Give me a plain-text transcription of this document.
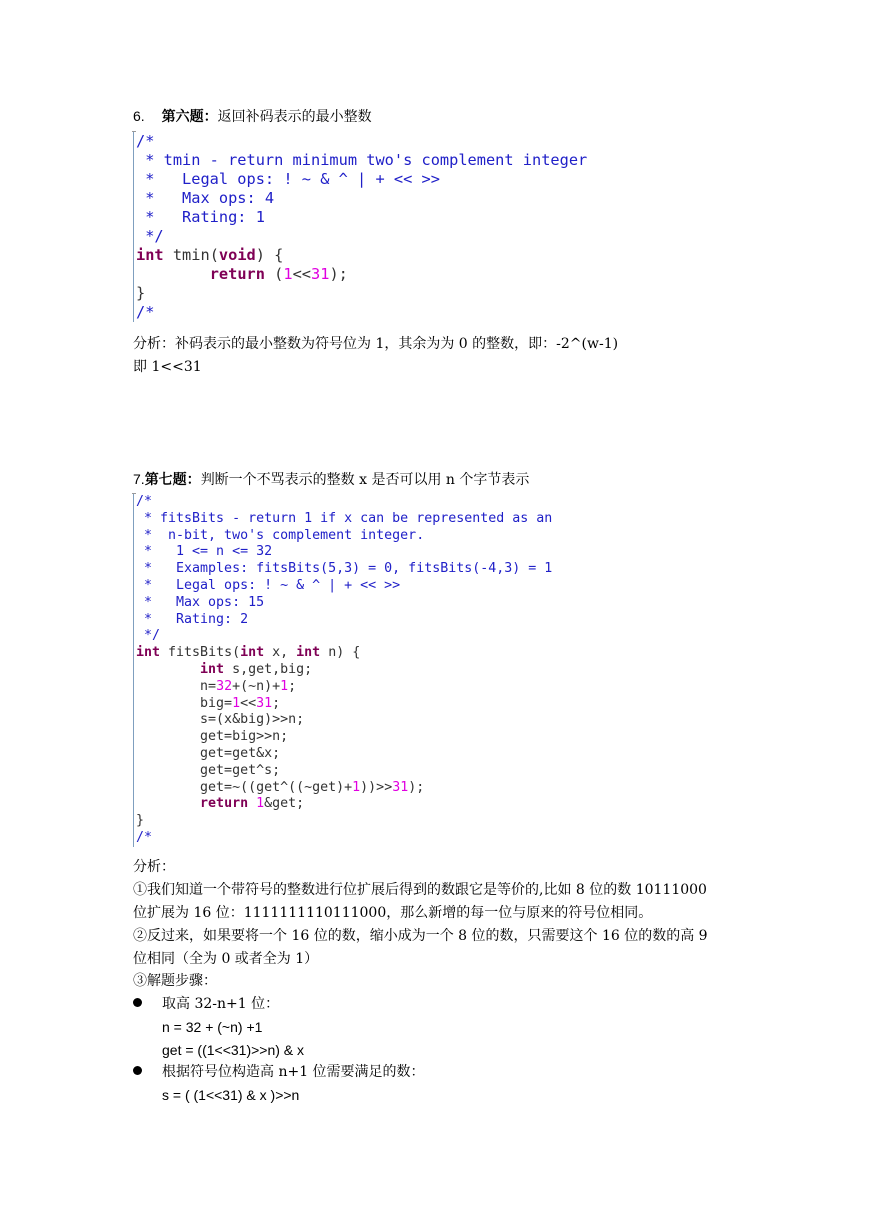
6. 第六题：返回补码表示的最小整数
/*
* tmin - return minimum two's complement integer
*   Legal ops: ! ~ & ^ | + << >>
*   Max ops: 4
*   Rating: 1
*/
int tmin(void) {
return (1<<31);
}
/*
分析：补码表示的最小整数为符号位为 1，其余为为 0 的整数，即：-2^(w-1)
即 1<<31
7.第七题：判断一个不骂表示的整数 x 是否可以用 n 个字节表示
/*
* fitsBits - return 1 if x can be represented as an
*  n-bit, two's complement integer.
*   1 <= n <= 32
*   Examples: fitsBits(5,3) = 0, fitsBits(-4,3) = 1
*   Legal ops: ! ~ & ^ | + << >>
*   Max ops: 15
*   Rating: 2
*/
int fitsBits(int x, int n) {
int s,get,big;
n=32+(~n)+1;
big=1<<31;
s=(x&big)>>n;
get=big>>n;
get=get&x;
get=get^s;
get=~((get^((~get)+1))>>31);
return 1&get;
}
/*
分析：
①我们知道一个带符号的整数进行位扩展后得到的数跟它是等价的,比如 8 位的数 10111000
位扩展为 16 位：1111111110111000，那么新增的每一位与原来的符号位相同。
②反过来，如果要将一个 16 位的数，缩小成为一个 8 位的数，只需要这个 16 位的数的高 9
位相同（全为 0 或者全为 1）
③解题步骤：
取高 32-n+1 位：
n = 32 + (~n) +1
get = ((1<<31)>>n) & x
根据符号位构造高 n+1 位需要满足的数：
s = ( (1<<31) & x )>>n
